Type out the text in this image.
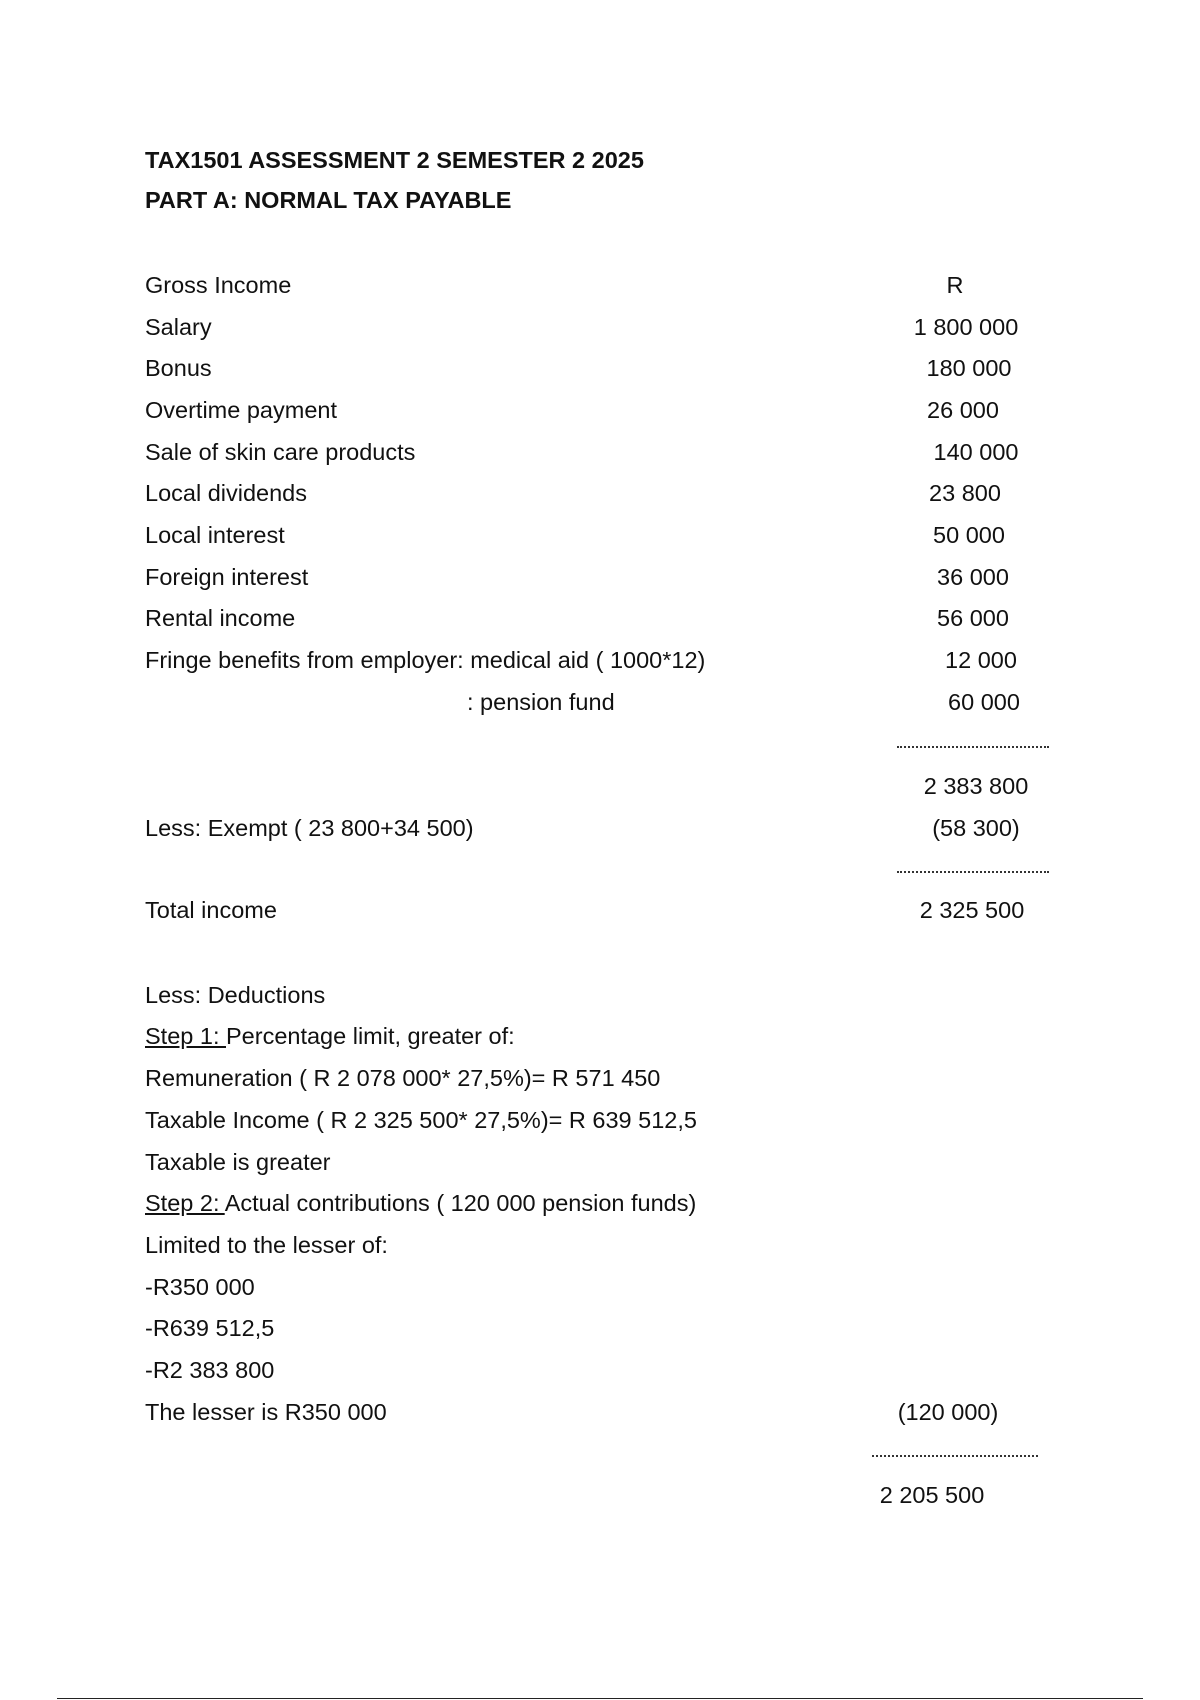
TAX1501 ASSESSMENT 2 SEMESTER 2 2025
PART A: NORMAL TAX PAYABLE
Gross Income	R
Salary	1 800 000
Bonus	180 000
Overtime payment	26 000
Sale of skin care products	140 000
Local dividends	23 800
Local interest	50 000
Foreign interest	36 000
Rental income	56 000
Fringe benefits from employer: medical aid ( 1000*12)	12 000
: pension fund	60 000
2 383 800
Less: Exempt ( 23 800+34 500)	(58 300)
Total income	2 325 500
Less: Deductions
Step 1: Percentage limit, greater of:
Remuneration ( R 2 078 000* 27,5%)= R 571 450
Taxable Income ( R 2 325 500* 27,5%)= R 639 512,5
Taxable is greater
Step 2: Actual contributions ( 120 000 pension funds)
Limited to the lesser of:
-R350 000
-R639 512,5
-R2 383 800
The lesser is R350 000	(120 000)
2 205 500
